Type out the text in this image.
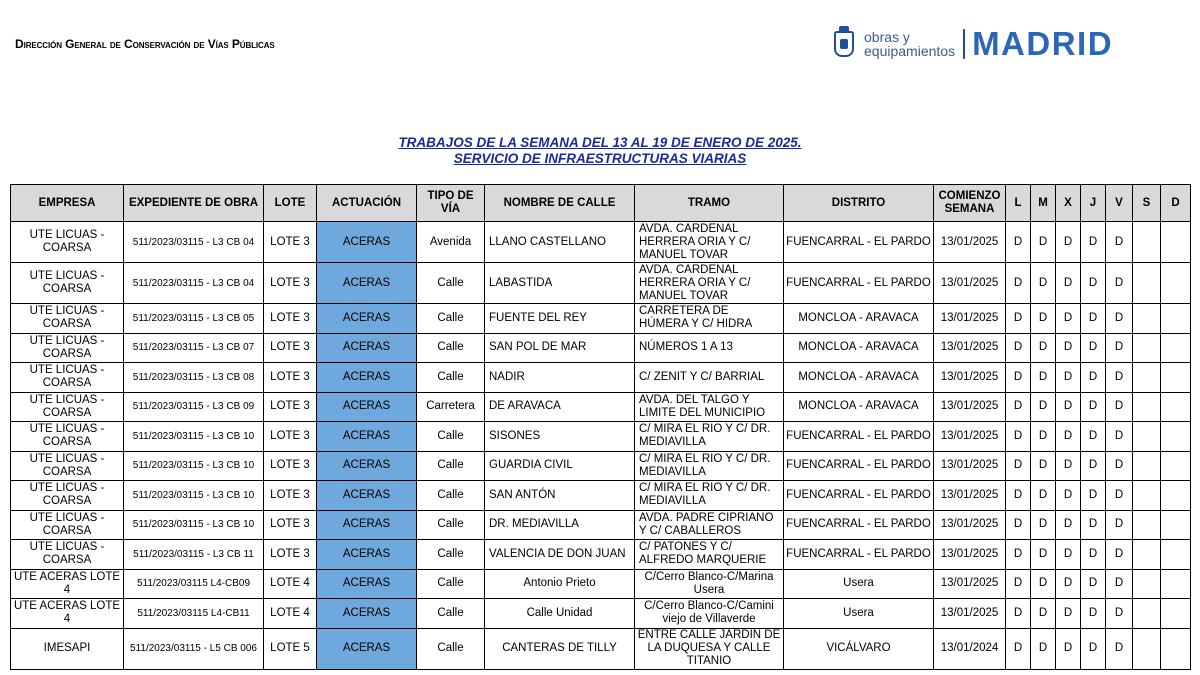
Dirección General de Conservación de Vías Públicas	obras y
equipamientos MADRID
TRABAJOS DE LA SEMANA DEL 13 AL 19 DE ENERO DE 2025.
SERVICIO DE INFRAESTRUCTURAS VIARIAS
EMPRESA	EXPEDIENTE DE OBRA	LOTE	ACTUACIÓN	TIPO DE VÍA	NOMBRE DE CALLE	TRAMO	DISTRITO	COMIENZO SEMANA	L	M	X	J	V	S	D
UTE LICUAS - COARSA	511/2023/03115 - L3 CB 04	LOTE 3	ACERAS	Avenida	LLANO CASTELLANO	AVDA. CARDENAL HERRERA ORIA Y C/ MANUEL TOVAR	FUENCARRAL - EL PARDO	13/01/2025	D	D	D	D	D		
UTE LICUAS - COARSA	511/2023/03115 - L3 CB 04	LOTE 3	ACERAS	Calle	LABASTIDA	AVDA. CARDENAL HERRERA ORIA Y C/ MANUEL TOVAR	FUENCARRAL - EL PARDO	13/01/2025	D	D	D	D	D		
UTE LICUAS - COARSA	511/2023/03115 - L3 CB 05	LOTE 3	ACERAS	Calle	FUENTE DEL REY	CARRETERA DE HÚMERA Y C/ HIDRA	MONCLOA - ARAVACA	13/01/2025	D	D	D	D	D		
UTE LICUAS - COARSA	511/2023/03115 - L3 CB 07	LOTE 3	ACERAS	Calle	SAN POL DE MAR	NÚMEROS 1 A 13	MONCLOA - ARAVACA	13/01/2025	D	D	D	D	D		
UTE LICUAS - COARSA	511/2023/03115 - L3 CB 08	LOTE 3	ACERAS	Calle	NADIR	C/ ZENIT Y C/ BARRIAL	MONCLOA - ARAVACA	13/01/2025	D	D	D	D	D		
UTE LICUAS - COARSA	511/2023/03115 - L3 CB 09	LOTE 3	ACERAS	Carretera	DE ARAVACA	AVDA. DEL TALGO Y LIMITE DEL MUNICIPIO	MONCLOA - ARAVACA	13/01/2025	D	D	D	D	D		
UTE LICUAS - COARSA	511/2023/03115 - L3 CB 10	LOTE 3	ACERAS	Calle	SISONES	C/ MIRA EL RIO Y C/ DR. MEDIAVILLA	FUENCARRAL - EL PARDO	13/01/2025	D	D	D	D	D		
UTE LICUAS - COARSA	511/2023/03115 - L3 CB 10	LOTE 3	ACERAS	Calle	GUARDIA CIVIL	C/ MIRA EL RIO Y C/ DR. MEDIAVILLA	FUENCARRAL - EL PARDO	13/01/2025	D	D	D	D	D		
UTE LICUAS - COARSA	511/2023/03115 - L3 CB 10	LOTE 3	ACERAS	Calle	SAN ANTÓN	C/ MIRA EL RIO Y C/ DR. MEDIAVILLA	FUENCARRAL - EL PARDO	13/01/2025	D	D	D	D	D		
UTE LICUAS - COARSA	511/2023/03115 - L3 CB 10	LOTE 3	ACERAS	Calle	DR. MEDIAVILLA	AVDA. PADRE CIPRIANO Y C/ CABALLEROS	FUENCARRAL - EL PARDO	13/01/2025	D	D	D	D	D		
UTE LICUAS - COARSA	511/2023/03115 - L3 CB 11	LOTE 3	ACERAS	Calle	VALENCIA DE DON JUAN	C/ PATONES Y C/ ALFREDO MARQUERIE	FUENCARRAL - EL PARDO	13/01/2025	D	D	D	D	D		
UTE ACERAS LOTE 4	511/2023/03115 L4-CB09	LOTE 4	ACERAS	Calle	Antonio Prieto	C/Cerro Blanco-C/Marina Usera	Usera	13/01/2025	D	D	D	D	D		
UTE ACERAS LOTE 4	511/2023/03115 L4-CB11	LOTE 4	ACERAS	Calle	Calle Unidad	C/Cerro Blanco-C/Camini viejo de Villaverde	Usera	13/01/2025	D	D	D	D	D		
IMESAPI	511/2023/03115 - L5 CB 006	LOTE 5	ACERAS	Calle	CANTERAS DE TILLY	ENTRE CALLE JARDIN DE LA DUQUESA Y CALLE TITANIO	VICÁLVARO	13/01/2024	D	D	D	D	D		
